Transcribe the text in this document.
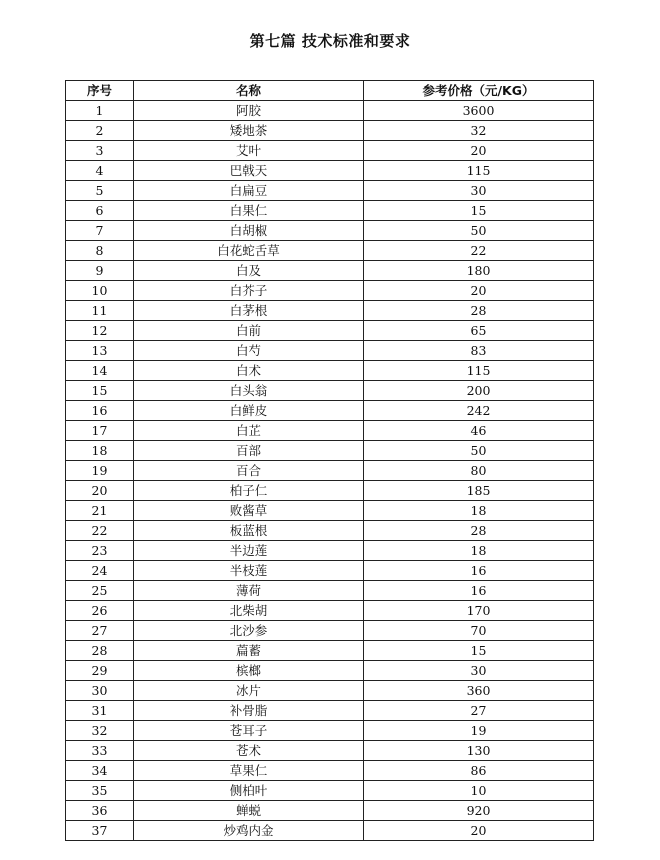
第七篇 技术标准和要求
序号	名称	参考价格（元/KG）
1	阿胶	3600
2	矮地茶	32
3	艾叶	20
4	巴戟天	115
5	白扁豆	30
6	白果仁	15
7	白胡椒	50
8	白花蛇舌草	22
9	白及	180
10	白芥子	20
11	白茅根	28
12	白前	65
13	白芍	83
14	白术	115
15	白头翁	200
16	白鲜皮	242
17	白芷	46
18	百部	50
19	百合	80
20	柏子仁	185
21	败酱草	18
22	板蓝根	28
23	半边莲	18
24	半枝莲	16
25	薄荷	16
26	北柴胡	170
27	北沙参	70
28	萹蓄	15
29	槟榔	30
30	冰片	360
31	补骨脂	27
32	苍耳子	19
33	苍术	130
34	草果仁	86
35	侧柏叶	10
36	蝉蜕	920
37	炒鸡内金	20
